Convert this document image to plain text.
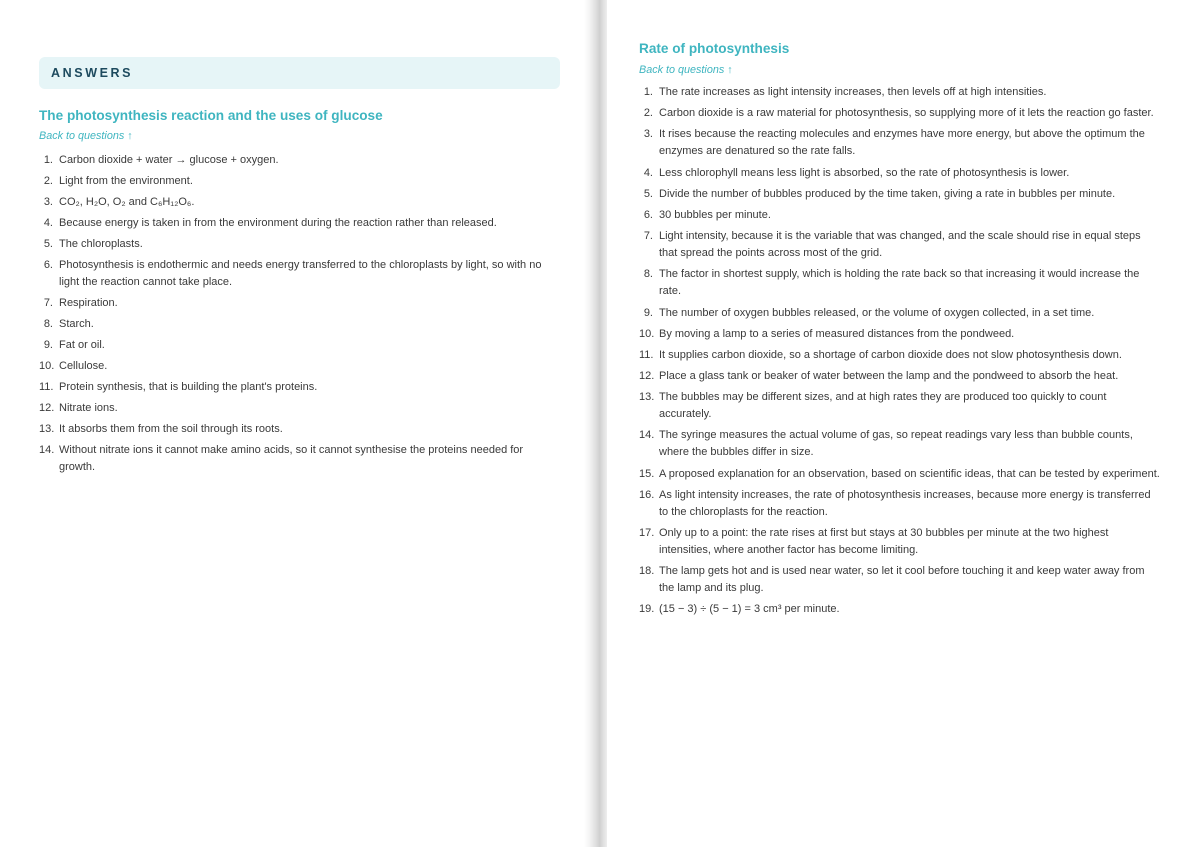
ANSWERS
The photosynthesis reaction and the uses of glucose
Back to questions ↑
1. Carbon dioxide + water → glucose + oxygen.
2. Light from the environment.
3. CO₂, H₂O, O₂ and C₆H₁₂O₆.
4. Because energy is taken in from the environment during the reaction rather than released.
5. The chloroplasts.
6. Photosynthesis is endothermic and needs energy transferred to the chloroplasts by light, so with no light the reaction cannot take place.
7. Respiration.
8. Starch.
9. Fat or oil.
10. Cellulose.
11. Protein synthesis, that is building the plant's proteins.
12. Nitrate ions.
13. It absorbs them from the soil through its roots.
14. Without nitrate ions it cannot make amino acids, so it cannot synthesise the proteins needed for growth.
Rate of photosynthesis
Back to questions ↑
1. The rate increases as light intensity increases, then levels off at high intensities.
2. Carbon dioxide is a raw material for photosynthesis, so supplying more of it lets the reaction go faster.
3. It rises because the reacting molecules and enzymes have more energy, but above the optimum the enzymes are denatured so the rate falls.
4. Less chlorophyll means less light is absorbed, so the rate of photosynthesis is lower.
5. Divide the number of bubbles produced by the time taken, giving a rate in bubbles per minute.
6. 30 bubbles per minute.
7. Light intensity, because it is the variable that was changed, and the scale should rise in equal steps that spread the points across most of the grid.
8. The factor in shortest supply, which is holding the rate back so that increasing it would increase the rate.
9. The number of oxygen bubbles released, or the volume of oxygen collected, in a set time.
10. By moving a lamp to a series of measured distances from the pondweed.
11. It supplies carbon dioxide, so a shortage of carbon dioxide does not slow photosynthesis down.
12. Place a glass tank or beaker of water between the lamp and the pondweed to absorb the heat.
13. The bubbles may be different sizes, and at high rates they are produced too quickly to count accurately.
14. The syringe measures the actual volume of gas, so repeat readings vary less than bubble counts, where the bubbles differ in size.
15. A proposed explanation for an observation, based on scientific ideas, that can be tested by experiment.
16. As light intensity increases, the rate of photosynthesis increases, because more energy is transferred to the chloroplasts for the reaction.
17. Only up to a point: the rate rises at first but stays at 30 bubbles per minute at the two highest intensities, where another factor has become limiting.
18. The lamp gets hot and is used near water, so let it cool before touching it and keep water away from the lamp and its plug.
19. (15 − 3) ÷ (5 − 1) = 3 cm³ per minute.
